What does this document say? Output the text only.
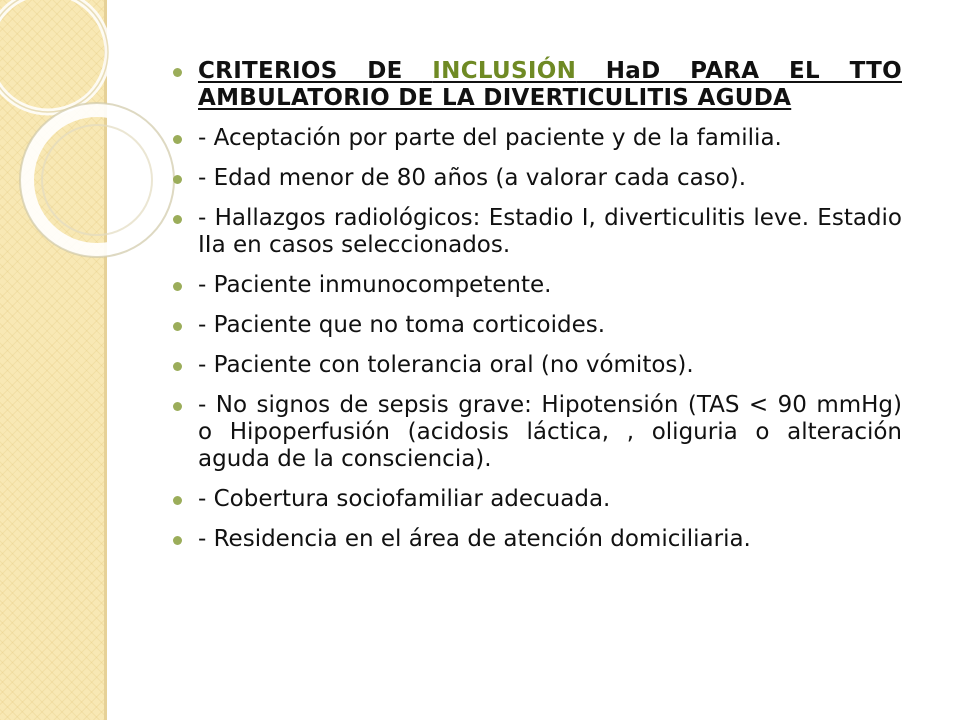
CRITERIOS DE INCLUSIÓN HaD PARA EL TTO AMBULATORIO DE LA DIVERTICULITIS AGUDA
- Aceptación por parte del paciente y de la familia.
- Edad menor de 80 años (a valorar cada caso).
- Hallazgos radiológicos: Estadio I, diverticulitis leve. Estadio IIa en casos seleccionados.
- Paciente inmunocompetente.
- Paciente que no toma corticoides.
- Paciente con tolerancia oral (no vómitos).
- No signos de sepsis grave: Hipotensión (TAS < 90 mmHg) o Hipoperfusión (acidosis láctica, , oliguria o alteración aguda de la consciencia).
- Cobertura sociofamiliar adecuada.
- Residencia en el área de atención domiciliaria.
